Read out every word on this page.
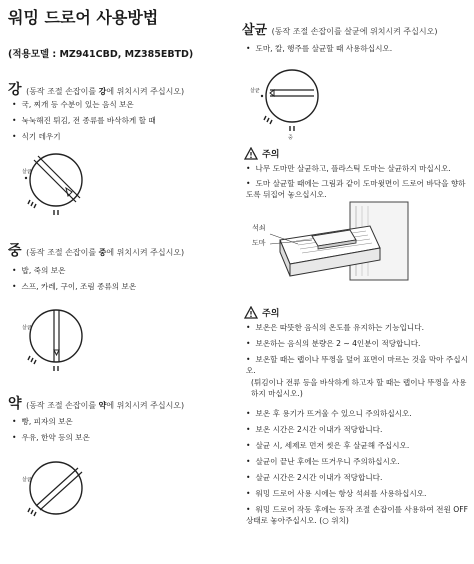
워밍 드로어 사용방법
(적용모델 : MZ941CBD, MZ385EBTD)
강 (동작 조절 손잡이를 강에 위치시켜 주십시오)
• 국, 찌개 등 수분이 있는 음식 보온
• 눅눅해진 튀김, 전 종류를 바삭하게 할 때
• 식기 데우기
살균
중 (동작 조절 손잡이를 중에 위치시켜 주십시오)
• 밥, 죽의 보온
• 스프, 카레, 구이, 조림 종류의 보온
살균
약 (동작 조절 손잡이를 약에 위치시켜 주십시오)
• 빵, 피자의 보온
• 우유, 한약 등의 보온
살균
살균 (동작 조절 손잡이를 살균에 위치시켜 주십시오)
• 도마, 칼, 행주를 살균할 때 사용하십시오.
살균
중
주의
• 나무 도마만 살균하고, 플라스틱 도마는 살균하지 마십시오.
• 도마 살균할 때에는 그림과 같이 도마윗면이 드로어 바닥을 향하도록 뒤집어 놓으십시오.
석쇠
도마
주의
• 보온은 따뜻한 음식의 온도를 유지하는 기능입니다.
• 보온하는 음식의 분량은 2 ~ 4인분이 적당합니다.
• 보온할 때는 랩이나 뚜껑을 덮어 표면이 마르는 것을 막아 주십시오.
(튀김이나 전류 등을 바삭하게 하고자 할 때는 랩이나 뚜껑을 사용하지 마십시오.)
• 보온 후 용기가 뜨거울 수 있으니 주의하십시오.
• 보온 시간은 2시간 이내가 적당합니다.
• 살균 시, 세제로 먼저 씻은 후 살균해 주십시오.
• 살균이 끝난 후에는 뜨거우니 주의하십시오.
• 살균 시간은 2시간 이내가 적당합니다.
• 워밍 드로어 사용 시에는 항상 석쇠를 사용하십시오.
• 워밍 드로어 작동 후에는 동작 조절 손잡이를 사용하여 전원 OFF 상태로 놓아주십시오. (○ 위치)
